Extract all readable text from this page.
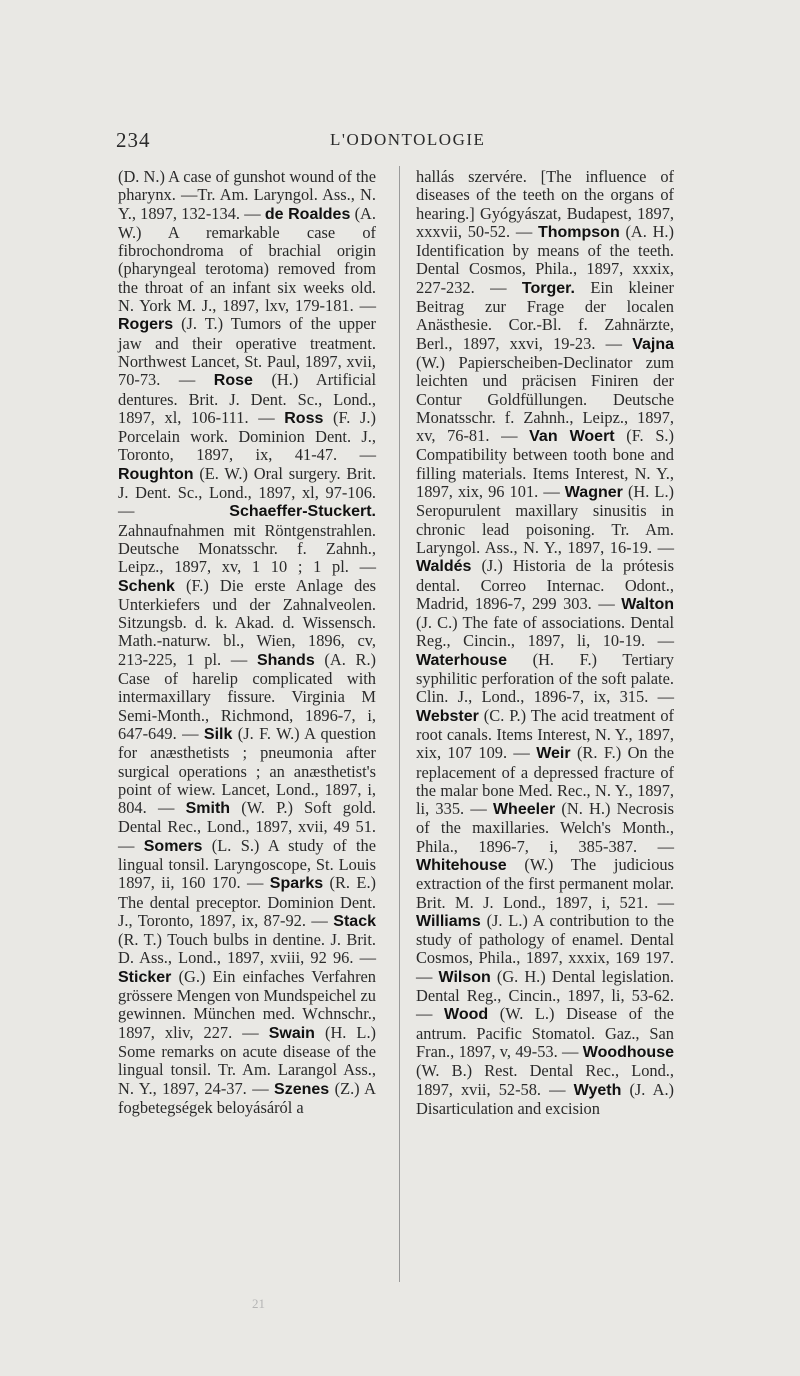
234	L'ODONTOLOGIE
(D. N.) A case of gunshot wound of the pharynx. —Tr. Am. Laryngol. Ass., N. Y., 1897, 132-134. — de Roaldes (A. W.) A remarkable case of fibrochondroma of brachial origin (pharyngeal terotoma) removed from the throat of an infant six weeks old. N. York M. J., 1897, lxv, 179-181. — Rogers (J. T.) Tumors of the upper jaw and their operative treatment. Northwest Lancet, St. Paul, 1897, xvii, 70-73. — Rose (H.) Artificial dentures. Brit. J. Dent. Sc., Lond., 1897, xl, 106-111. — Ross (F. J.) Porcelain work. Dominion Dent. J., Toronto, 1897, ix, 41-47. — Roughton (E. W.) Oral surgery. Brit. J. Dent. Sc., Lond., 1897, xl, 97-106. — Schaeffer-Stuckert. Zahnaufnahmen mit Röntgenstrahlen. Deutsche Monatsschr. f. Zahnh., Leipz., 1897, xv, 1 10 ; 1 pl. — Schenk (F.) Die erste Anlage des Unterkiefers und der Zahnalveolen. Sitzungsb. d. k. Akad. d. Wissensch. Math.-naturw. bl., Wien, 1896, cv, 213-225, 1 pl. — Shands (A. R.) Case of harelip complicated with intermaxillary fissure. Virginia M Semi-Month., Richmond, 1896-7, i, 647-649. — Silk (J. F. W.) A question for anæsthetists ; pneumonia after surgical operations ; an anæsthetist's point of wiew. Lancet, Lond., 1897, i, 804. — Smith (W. P.) Soft gold. Dental Rec., Lond., 1897, xvii, 49 51. — Somers (L. S.) A study of the lingual tonsil. Laryngoscope, St. Louis 1897, ii, 160 170. — Sparks (R. E.) The dental preceptor. Dominion Dent. J., Toronto, 1897, ix, 87-92. — Stack (R. T.) Touch bulbs in dentine. J. Brit. D. Ass., Lond., 1897, xviii, 92 96. — Sticker (G.) Ein einfaches Verfahren grössere Mengen von Mundspeichel zu gewinnen. München med. Wchnschr., 1897, xliv, 227. — Swain (H. L.) Some remarks on acute disease of the lingual tonsil. Tr. Am. Larangol Ass., N. Y., 1897, 24-37. — Szenes (Z.) A fogbetegségek beloyásáról a
hallás szervére. [The influence of diseases of the teeth on the organs of hearing.] Gyógyászat, Budapest, 1897, xxxvii, 50-52. — Thompson (A. H.) Identification by means of the teeth. Dental Cosmos, Phila., 1897, xxxix, 227-232. — Torger. Ein kleiner Beitrag zur Frage der localen Anästhesie. Cor.-Bl. f. Zahnärzte, Berl., 1897, xxvi, 19-23. — Vajna (W.) Papierscheiben-Declinator zum leichten und präcisen Finiren der Contur Goldfüllungen. Deutsche Monatsschr. f. Zahnh., Leipz., 1897, xv, 76-81. — Van Woert (F. S.) Compatibility between tooth bone and filling materials. Items Interest, N. Y., 1897, xix, 96 101. — Wagner (H. L.) Seropurulent maxillary sinusitis in chronic lead poisoning. Tr. Am. Laryngol. Ass., N. Y., 1897, 16-19. — Waldés (J.) Historia de la prótesis dental. Correo Internac. Odont., Madrid, 1896-7, 299 303. — Walton (J. C.) The fate of associations. Dental Reg., Cincin., 1897, li, 10-19. — Waterhouse (H. F.) Tertiary syphilitic perforation of the soft palate. Clin. J., Lond., 1896-7, ix, 315. — Webster (C. P.) The acid treatment of root canals. Items Interest, N. Y., 1897, xix, 107 109. — Weir (R. F.) On the replacement of a depressed fracture of the malar bone Med. Rec., N. Y., 1897, li, 335. — Wheeler (N. H.) Necrosis of the maxillaries. Welch's Month., Phila., 1896-7, i, 385-387. — Whitehouse (W.) The judicious extraction of the first permanent molar. Brit. M. J. Lond., 1897, i, 521. — Williams (J. L.) A contribution to the study of pathology of enamel. Dental Cosmos, Phila., 1897, xxxix, 169 197. — Wilson (G. H.) Dental legislation. Dental Reg., Cincin., 1897, li, 53-62. — Wood (W. L.) Disease of the antrum. Pacific Stomatol. Gaz., San Fran., 1897, v, 49-53. — Woodhouse (W. B.) Rest. Dental Rec., Lond., 1897, xvii, 52-58. — Wyeth (J. A.) Disarticulation and excision
21
